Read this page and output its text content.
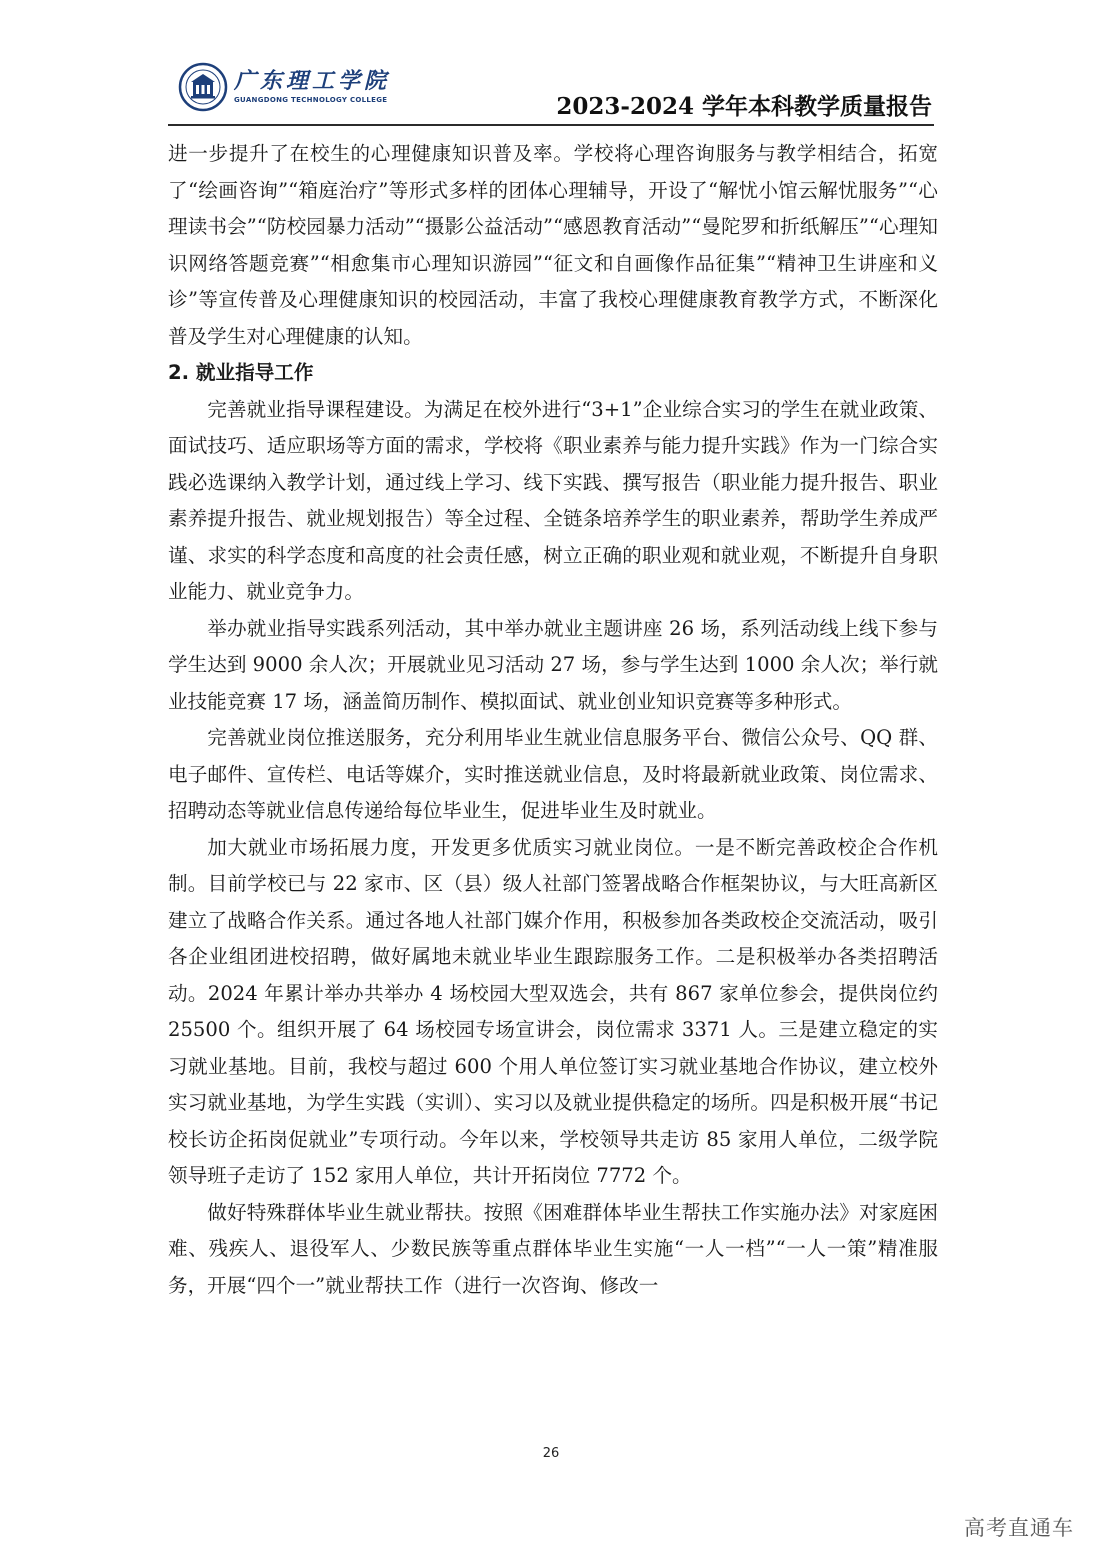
广东理工学院
GUANGDONG TECHNOLOGY COLLEGE	2023-2024 学年本科教学质量报告

进一步提升了在校生的心理健康知识普及率。学校将心理咨询服务与教学相结合，拓宽了“绘画咨询”“箱庭治疗”等形式多样的团体心理辅导，开设了“解忧小馆云解忧服务”“心理读书会”“防校园暴力活动”“摄影公益活动”“感恩教育活动”“曼陀罗和折纸解压”“心理知识网络答题竞赛”“相愈集市心理知识游园”“征文和自画像作品征集”“精神卫生讲座和义诊”等宣传普及心理健康知识的校园活动，丰富了我校心理健康教育教学方式，不断深化普及学生对心理健康的认知。

2. 就业指导工作

完善就业指导课程建设。为满足在校外进行“3+1”企业综合实习的学生在就业政策、面试技巧、适应职场等方面的需求，学校将《职业素养与能力提升实践》作为一门综合实践必选课纳入教学计划，通过线上学习、线下实践、撰写报告（职业能力提升报告、职业素养提升报告、就业规划报告）等全过程、全链条培养学生的职业素养，帮助学生养成严谨、求实的科学态度和高度的社会责任感，树立正确的职业观和就业观，不断提升自身职业能力、就业竞争力。

举办就业指导实践系列活动，其中举办就业主题讲座 26 场，系列活动线上线下参与学生达到 9000 余人次；开展就业见习活动 27 场，参与学生达到 1000 余人次；举行就业技能竞赛 17 场，涵盖简历制作、模拟面试、就业创业知识竞赛等多种形式。

完善就业岗位推送服务，充分利用毕业生就业信息服务平台、微信公众号、QQ 群、电子邮件、宣传栏、电话等媒介，实时推送就业信息，及时将最新就业政策、岗位需求、招聘动态等就业信息传递给每位毕业生，促进毕业生及时就业。

加大就业市场拓展力度，开发更多优质实习就业岗位。一是不断完善政校企合作机制。目前学校已与 22 家市、区（县）级人社部门签署战略合作框架协议，与大旺高新区建立了战略合作关系。通过各地人社部门媒介作用，积极参加各类政校企交流活动，吸引各企业组团进校招聘，做好属地未就业毕业生跟踪服务工作。二是积极举办各类招聘活动。2024 年累计举办共举办 4 场校园大型双选会，共有 867 家单位参会，提供岗位约 25500 个。组织开展了 64 场校园专场宣讲会，岗位需求 3371 人。三是建立稳定的实习就业基地。目前，我校与超过 600 个用人单位签订实习就业基地合作协议，建立校外实习就业基地，为学生实践（实训）、实习以及就业提供稳定的场所。四是积极开展“书记校长访企拓岗促就业”专项行动。今年以来，学校领导共走访 85 家用人单位，二级学院领导班子走访了 152 家用人单位，共计开拓岗位 7772 个。

做好特殊群体毕业生就业帮扶。按照《困难群体毕业生帮扶工作实施办法》对家庭困难、残疾人、退役军人、少数民族等重点群体毕业生实施“一人一档”“一人一策”精准服务，开展“四个一”就业帮扶工作（进行一次咨询、修改一

26
高考直通车
